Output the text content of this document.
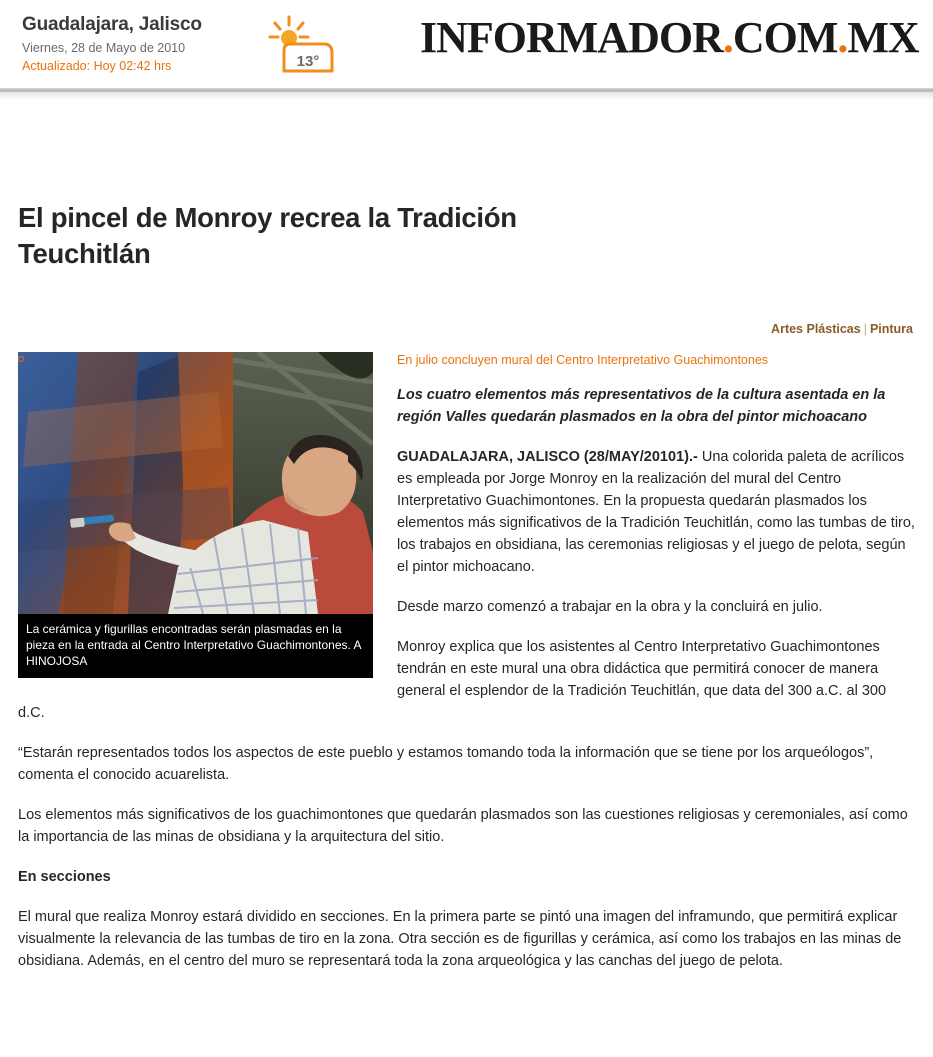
Guadalajara, Jalisco
Viernes, 28 de Mayo de 2010
Actualizado: Hoy 02:42 hrs	13° INFORMADOR.COM.MX
El pincel de Monroy recrea la Tradición Teuchitlán
Artes Plásticas | Pintura
La cerámica y figurillas encontradas serán plasmadas en la pieza en la entrada al Centro Interpretativo Guachimontones. A HINOJOSA
En julio concluyen mural del Centro Interpretativo Guachimontones

Los cuatro elementos más representativos de la cultura asentada en la región Valles quedarán plasmados en la obra del pintor michoacano

GUADALAJARA, JALISCO (28/MAY/20101).- Una colorida paleta de acrílicos es empleada por Jorge Monroy en la realización del mural del Centro Interpretativo Guachimontones. En la propuesta quedarán plasmados los elementos más significativos de la Tradición Teuchitlán, como las tumbas de tiro, los trabajos en obsidiana, las ceremonias religiosas y el juego de pelota, según el pintor michoacano.

Desde marzo comenzó a trabajar en la obra y la concluirá en julio.

Monroy explica que los asistentes al Centro Interpretativo Guachimontones tendrán en este mural una obra didáctica que permitirá conocer de manera general el esplendor de la Tradición Teuchitlán, que data del 300 a.C. al 300 d.C.

“Estarán representados todos los aspectos de este pueblo y estamos tomando toda la información que se tiene por los arqueólogos”, comenta el conocido acuarelista.

Los elementos más significativos de los guachimontones que quedarán plasmados son las cuestiones religiosas y ceremoniales, así como la importancia de las minas de obsidiana y la arquitectura del sitio.

En secciones

El mural que realiza Monroy estará dividido en secciones. En la primera parte se pintó una imagen del inframundo, que permitirá explicar visualmente la relevancia de las tumbas de tiro en la zona. Otra sección es de figurillas y cerámica, así como los trabajos en las minas de obsidiana. Además, en el centro del muro se representará toda la zona arqueológica y las canchas del juego de pelota.
